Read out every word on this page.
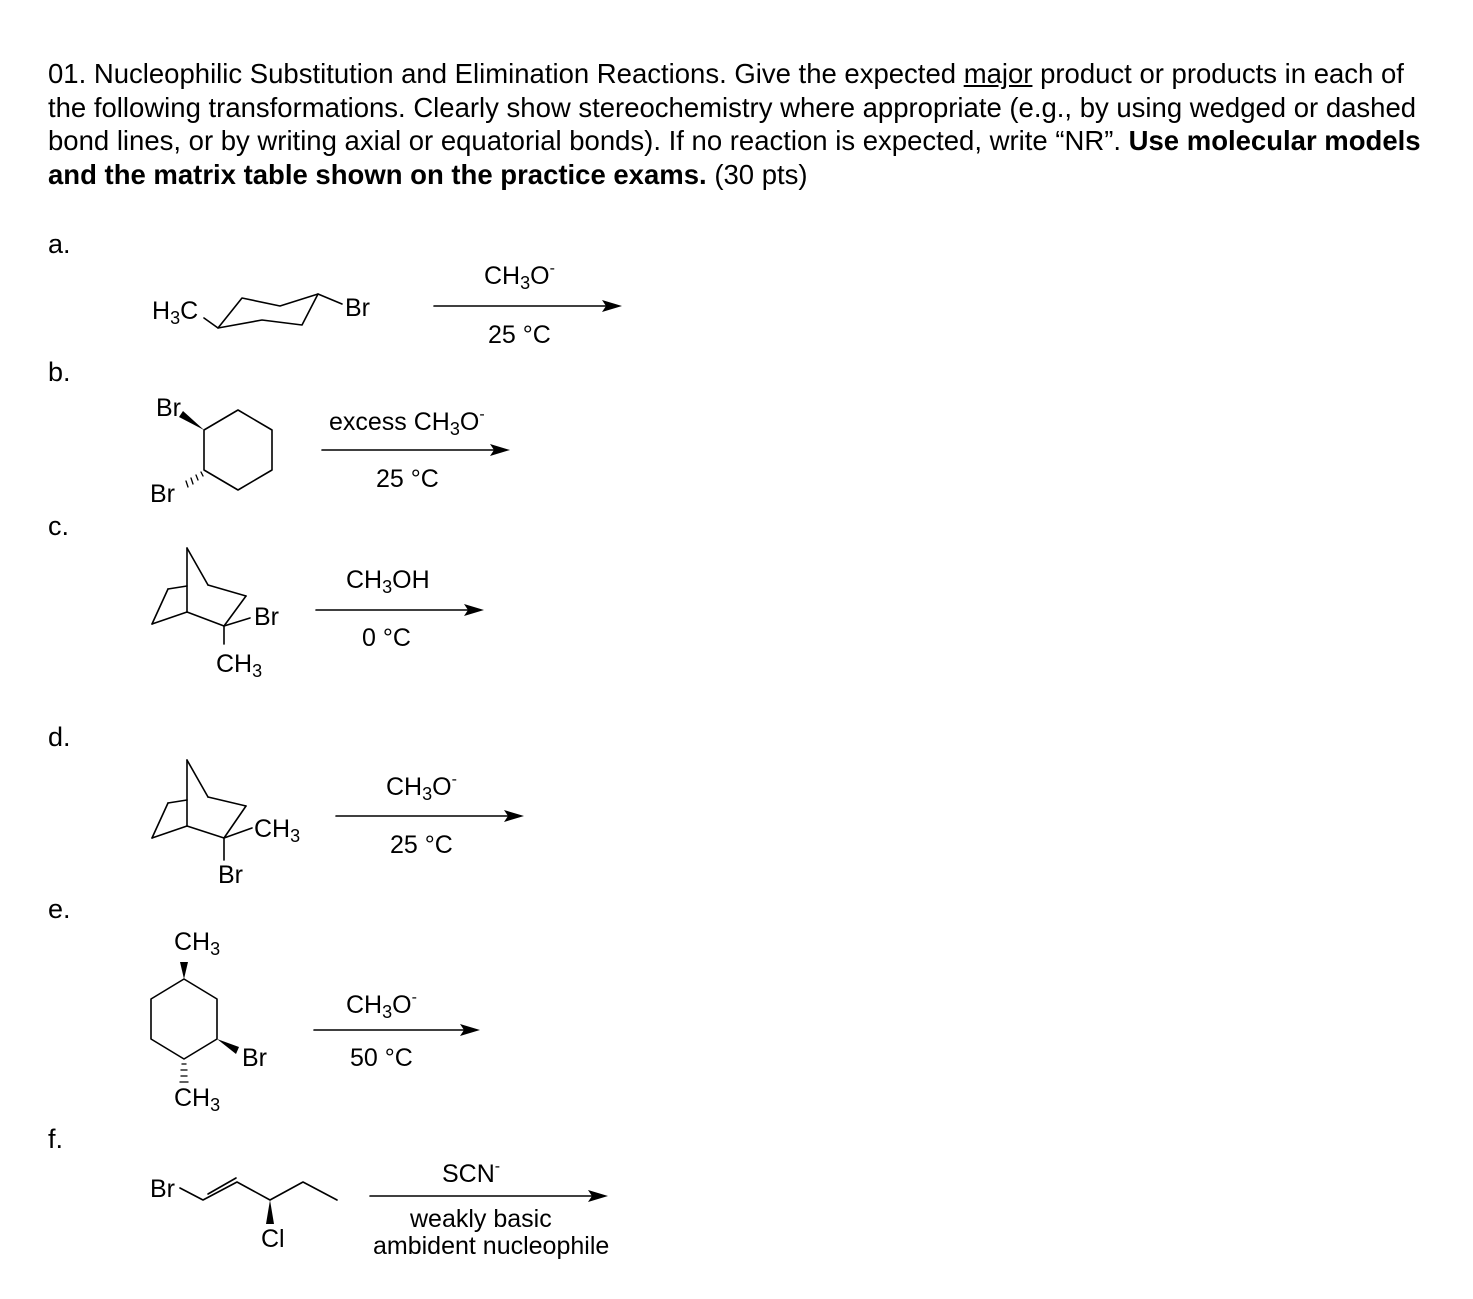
01. Nucleophilic Substitution and Elimination Reactions. Give the expected major product or products in each of the following transformations. Clearly show stereochemistry where appropriate (e.g., by using wedged or dashed bond lines, or by writing axial or equatorial bonds). If no reaction is expected, write “NR”. Use molecular models and the matrix table shown on the practice exams. (30 pts)

a.
b.
c.
d.
e.
f.
$H_3C$	Br
$CH_3O^-$
25 °C
Br
Br
excess $CH_3O^-$
25 °C
Br
$CH_3$
$CH_3OH$
0 °C
$CH_3$
Br
$CH_3O^-$
25 °C
$CH_3$
Br
$CH_3$
$CH_3O^-$
50 °C
Br
Cl
SCN-
weakly basic
ambident nucleophile
